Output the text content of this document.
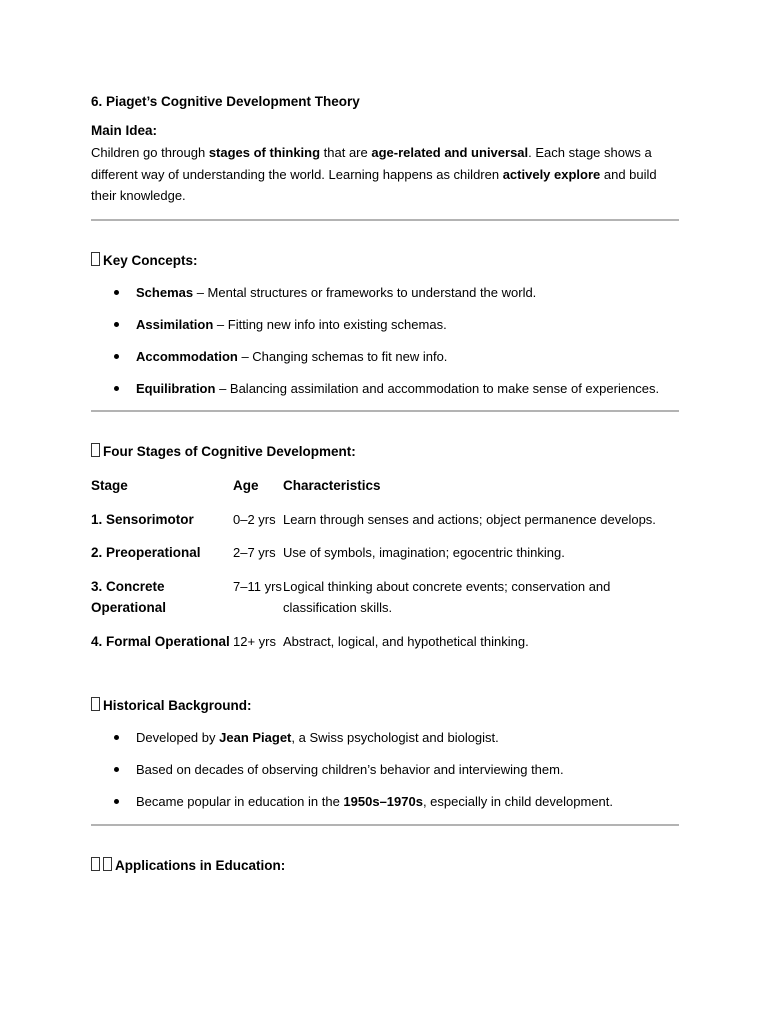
6. Piaget’s Cognitive Development Theory
Main Idea:

Children go through stages of thinking that are age-related and universal. Each stage shows a different way of understanding the world. Learning happens as children actively explore and build their knowledge.

Key Concepts:
Schemas – Mental structures or frameworks to understand the world.
Assimilation – Fitting new info into existing schemas.
Accommodation – Changing schemas to fit new info.
Equilibration – Balancing assimilation and accommodation to make sense of experiences.
Four Stages of Cognitive Development:
Stage	Age	Characteristics
1. Sensorimotor	0–2 yrs	Learn through senses and actions; object permanence develops.
2. Preoperational	2–7 yrs	Use of symbols, imagination; egocentric thinking.
3. Concrete Operational	7–11 yrs	Logical thinking about concrete events; conservation and classification skills.
4. Formal Operational	12+ yrs	Abstract, logical, and hypothetical thinking.
Historical Background:
Developed by Jean Piaget, a Swiss psychologist and biologist.
Based on decades of observing children’s behavior and interviewing them.
Became popular in education in the 1950s–1970s, especially in child development.
Applications in Education:
